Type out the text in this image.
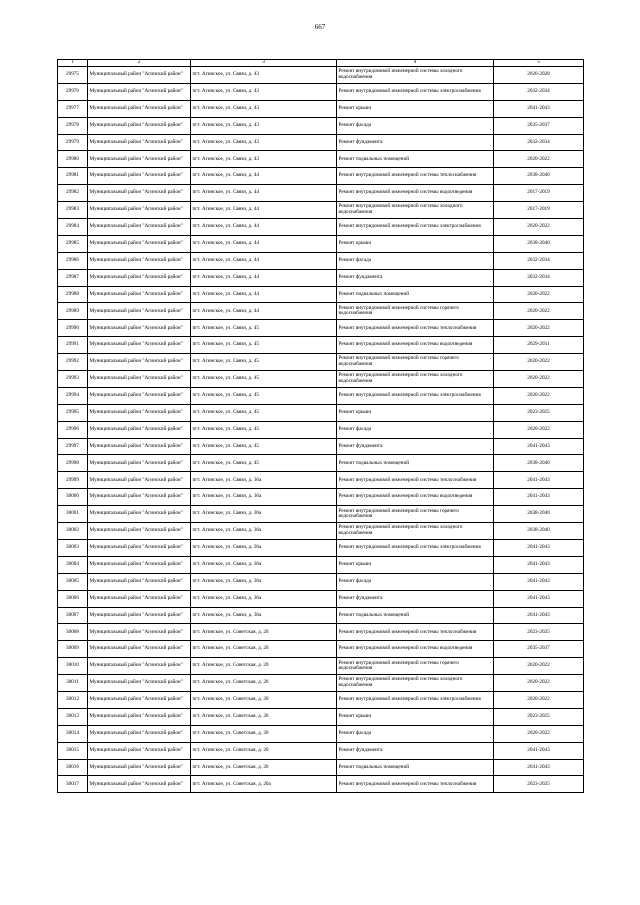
667
1	2	3	4	5
29975	Муниципальный район "Агинский район"	пгт. Агинское, ул. Связи, д. 43	Ремонт внутридомовой инженерной системы холодного водоснабжения	2026-2028
29976	Муниципальный район "Агинский район"	пгт. Агинское, ул. Связи, д. 43	Ремонт внутридомовой инженерной системы электроснабжения	2032-2034
29977	Муниципальный район "Агинский район"	пгт. Агинское, ул. Связи, д. 43	Ремонт крыши	2041-2043
29978	Муниципальный район "Агинский район"	пгт. Агинское, ул. Связи, д. 43	Ремонт фасада	2035-2037
29979	Муниципальный район "Агинский район"	пгт. Агинское, ул. Связи, д. 43	Ремонт фундамента	2032-2034
29980	Муниципальный район "Агинский район"	пгт. Агинское, ул. Связи, д. 43	Ремонт подвальных помещений	2020-2022
29981	Муниципальный район "Агинский район"	пгт. Агинское, ул. Связи, д. 44	Ремонт внутридомовой инженерной системы теплоснабжения	2038-2040
29982	Муниципальный район "Агинский район"	пгт. Агинское, ул. Связи, д. 44	Ремонт внутридомовой инженерной системы водоотведения	2017-2019
29983	Муниципальный район "Агинский район"	пгт. Агинское, ул. Связи, д. 44	Ремонт внутридомовой инженерной системы холодного водоснабжения	2017-2019
29984	Муниципальный район "Агинский район"	пгт. Агинское, ул. Связи, д. 44	Ремонт внутридомовой инженерной системы электроснабжения	2020-2022
29985	Муниципальный район "Агинский район"	пгт. Агинское, ул. Связи, д. 44	Ремонт крыши	2038-2040
29986	Муниципальный район "Агинский район"	пгт. Агинское, ул. Связи, д. 44	Ремонт фасада	2032-2034
29987	Муниципальный район "Агинский район"	пгт. Агинское, ул. Связи, д. 44	Ремонт фундамента	2032-2034
29988	Муниципальный район "Агинский район"	пгт. Агинское, ул. Связи, д. 44	Ремонт подвальных помещений	2020-2022
29989	Муниципальный район "Агинский район"	пгт. Агинское, ул. Связи, д. 44	Ремонт внутридомовой инженерной системы горячего водоснабжения	2020-2022
29990	Муниципальный район "Агинский район"	пгт. Агинское, ул. Связи, д. 45	Ремонт внутридомовой инженерной системы теплоснабжения	2020-2022
29991	Муниципальный район "Агинский район"	пгт. Агинское, ул. Связи, д. 45	Ремонт внутридомовой инженерной системы водоотведения	2029-2031
29992	Муниципальный район "Агинский район"	пгт. Агинское, ул. Связи, д. 45	Ремонт внутридомовой инженерной системы горячего водоснабжения	2020-2022
29993	Муниципальный район "Агинский район"	пгт. Агинское, ул. Связи, д. 45	Ремонт внутридомовой инженерной системы холодного водоснабжения	2020-2022
29994	Муниципальный район "Агинский район"	пгт. Агинское, ул. Связи, д. 45	Ремонт внутридомовой инженерной системы электроснабжения	2020-2022
29995	Муниципальный район "Агинский район"	пгт. Агинское, ул. Связи, д. 45	Ремонт крыши	2023-2025
29996	Муниципальный район "Агинский район"	пгт. Агинское, ул. Связи, д. 45	Ремонт фасада	2020-2022
29997	Муниципальный район "Агинский район"	пгт. Агинское, ул. Связи, д. 45	Ремонт фундамента	2041-2043
29998	Муниципальный район "Агинский район"	пгт. Агинское, ул. Связи, д. 45	Ремонт подвальных помещений	2038-2040
29999	Муниципальный район "Агинский район"	пгт. Агинское, ул. Связи, д. 36а	Ремонт внутридомовой инженерной системы теплоснабжения	2041-2043
30000	Муниципальный район "Агинский район"	пгт. Агинское, ул. Связи, д. 36а	Ремонт внутридомовой инженерной системы водоотведения	2041-2043
30001	Муниципальный район "Агинский район"	пгт. Агинское, ул. Связи, д. 36а	Ремонт внутридомовой инженерной системы горячего водоснабжения	2038-2040
30002	Муниципальный район "Агинский район"	пгт. Агинское, ул. Связи, д. 36а	Ремонт внутридомовой инженерной системы холодного водоснабжения	2038-2040
30003	Муниципальный район "Агинский район"	пгт. Агинское, ул. Связи, д. 36а	Ремонт внутридомовой инженерной системы электроснабжения	2041-2043
30004	Муниципальный район "Агинский район"	пгт. Агинское, ул. Связи, д. 36а	Ремонт крыши	2041-2043
30005	Муниципальный район "Агинский район"	пгт. Агинское, ул. Связи, д. 36а	Ремонт фасада	2041-2043
30006	Муниципальный район "Агинский район"	пгт. Агинское, ул. Связи, д. 36а	Ремонт фундамента	2041-2043
30007	Муниципальный район "Агинский район"	пгт. Агинское, ул. Связи, д. 36а	Ремонт подвальных помещений	2041-2043
30008	Муниципальный район "Агинский район"	пгт. Агинское, ул. Советская, д. 20	Ремонт внутридомовой инженерной системы теплоснабжения	2023-2025
30009	Муниципальный район "Агинский район"	пгт. Агинское, ул. Советская, д. 20	Ремонт внутридомовой инженерной системы водоотведения	2035-2037
30010	Муниципальный район "Агинский район"	пгт. Агинское, ул. Советская, д. 20	Ремонт внутридомовой инженерной системы горячего водоснабжения	2020-2022
30011	Муниципальный район "Агинский район"	пгт. Агинское, ул. Советская, д. 20	Ремонт внутридомовой инженерной системы холодного водоснабжения	2020-2022
30012	Муниципальный район "Агинский район"	пгт. Агинское, ул. Советская, д. 20	Ремонт внутридомовой инженерной системы электроснабжения	2020-2022
30013	Муниципальный район "Агинский район"	пгт. Агинское, ул. Советская, д. 20	Ремонт крыши	2023-2025
30014	Муниципальный район "Агинский район"	пгт. Агинское, ул. Советская, д. 20	Ремонт фасада	2020-2022
30015	Муниципальный район "Агинский район"	пгт. Агинское, ул. Советская, д. 20	Ремонт фундамента	2041-2043
30016	Муниципальный район "Агинский район"	пгт. Агинское, ул. Советская, д. 20	Ремонт подвальных помещений	2041-2043
30017	Муниципальный район "Агинский район"	пгт. Агинское, ул. Советская, д. 20а	Ремонт внутридомовой инженерной системы теплоснабжения	2023-2025
